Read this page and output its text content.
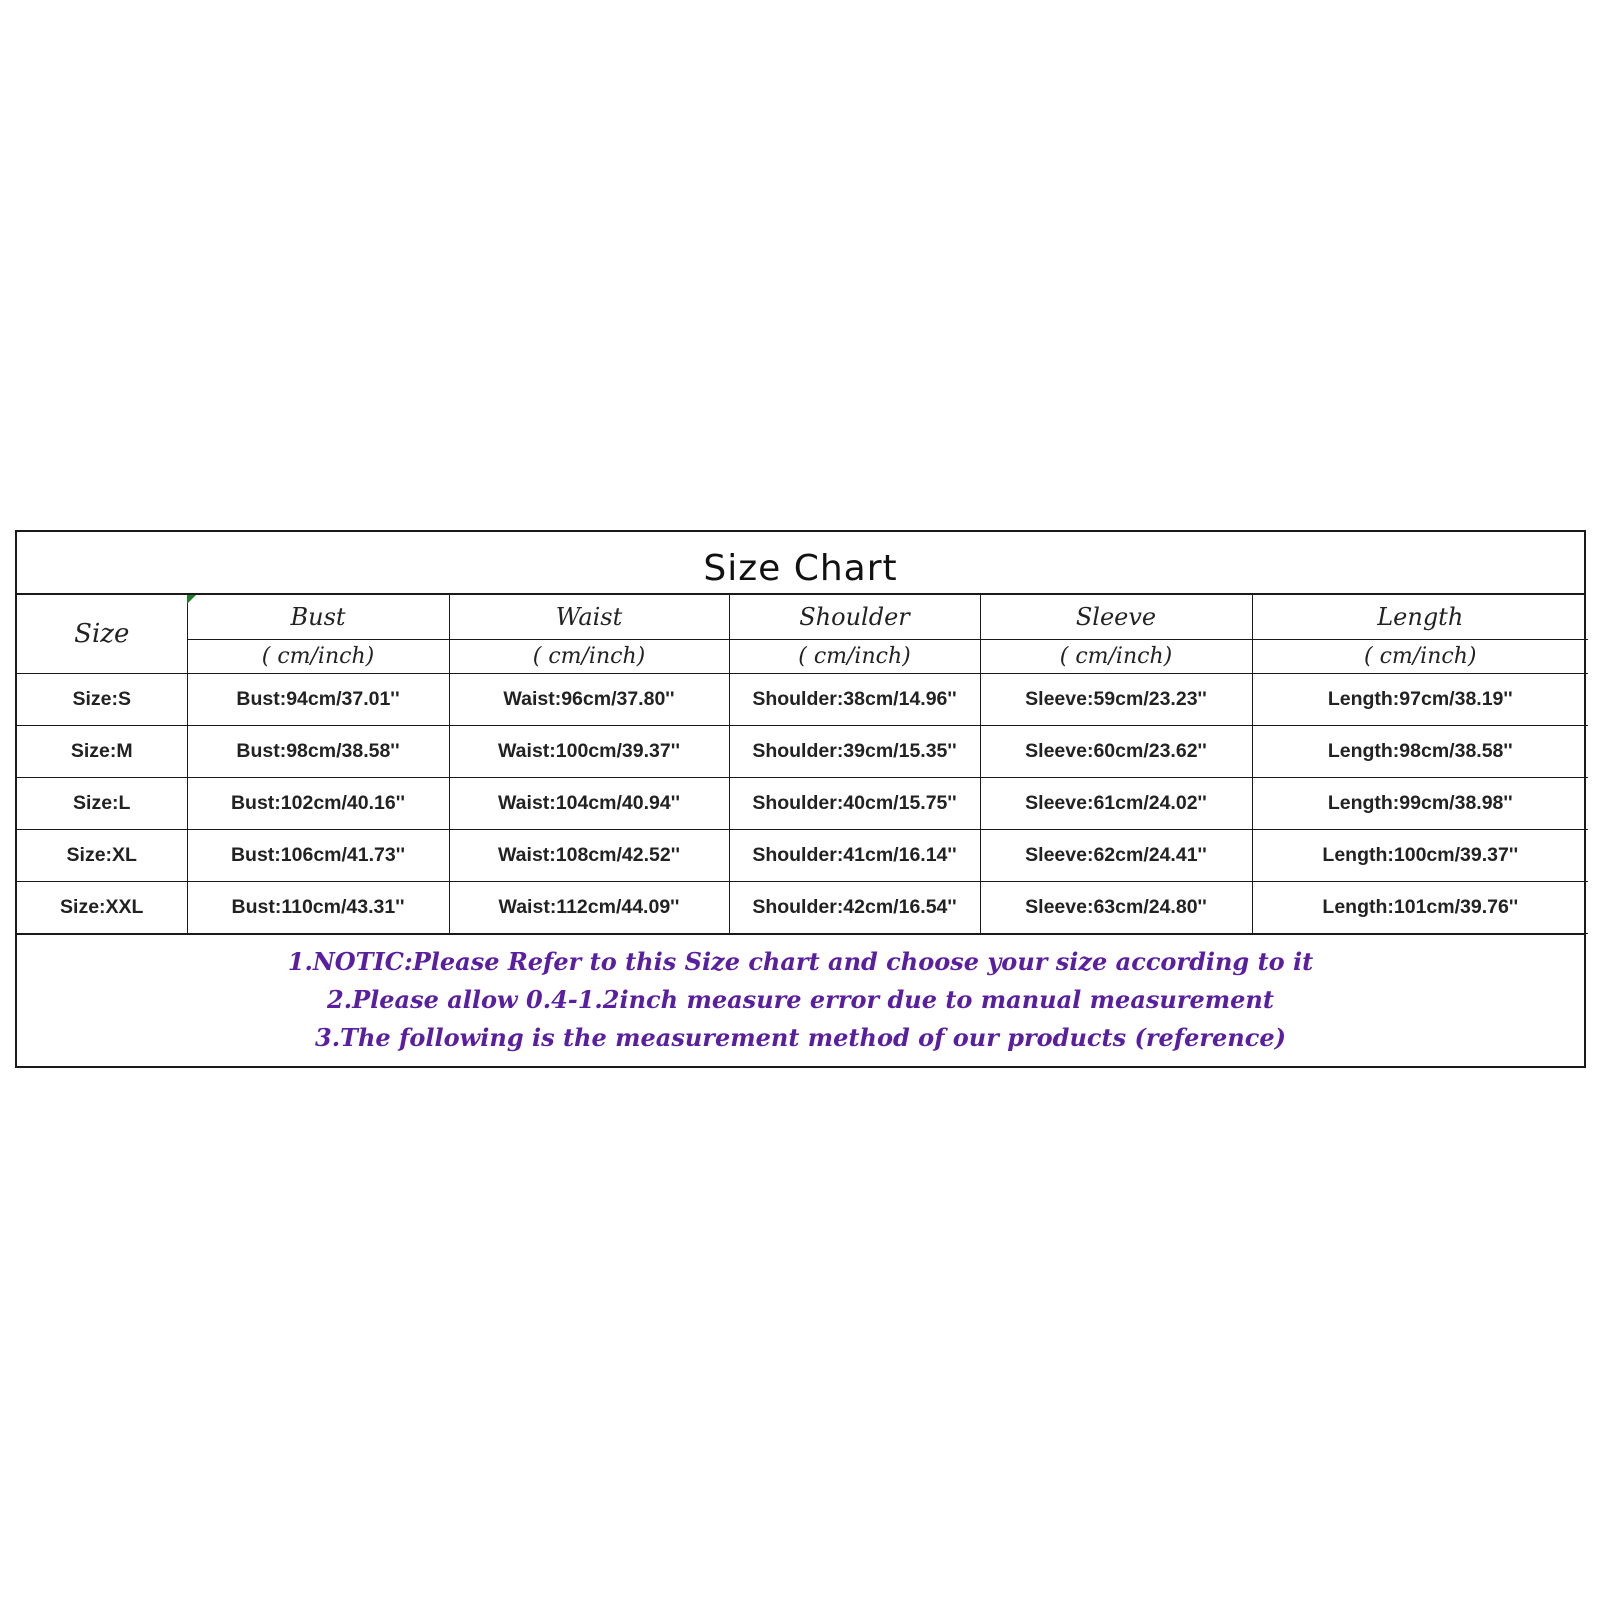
Size Chart
Size	Bust	Waist	Shoulder	Sleeve	Length
	( cm/inch)	( cm/inch)	( cm/inch)	( cm/inch)	( cm/inch)
Size:S	Bust:94cm/37.01''	Waist:96cm/37.80''	Shoulder:38cm/14.96''	Sleeve:59cm/23.23''	Length:97cm/38.19''
Size:M	Bust:98cm/38.58''	Waist:100cm/39.37''	Shoulder:39cm/15.35''	Sleeve:60cm/23.62''	Length:98cm/38.58''
Size:L	Bust:102cm/40.16''	Waist:104cm/40.94''	Shoulder:40cm/15.75''	Sleeve:61cm/24.02''	Length:99cm/38.98''
Size:XL	Bust:106cm/41.73''	Waist:108cm/42.52''	Shoulder:41cm/16.14''	Sleeve:62cm/24.41''	Length:100cm/39.37''
Size:XXL	Bust:110cm/43.31''	Waist:112cm/44.09''	Shoulder:42cm/16.54''	Sleeve:63cm/24.80''	Length:101cm/39.76''
1.NOTIC:Please Refer to this Size chart and choose your size according to it
2.Please allow 0.4-1.2inch measure error due to manual measurement
3.The following is the measurement method of our products (reference)
